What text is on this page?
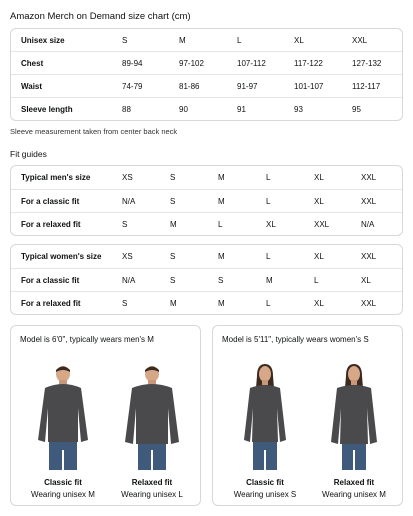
Amazon Merch on Demand size chart (cm)
Unisex size	S	M	L	XL	XXL
Chest	89-94	97-102	107-112	117-122	127-132
Waist	74-79	81-86	91-97	101-107	112-117
Sleeve length	88	90	91	93	95
Sleeve measurement taken from center back neck
Fit guides
Typical men's size	XS	S	M	L	XL	XXL
For a classic fit	N/A	S	M	L	XL	XXL
For a relaxed fit	S	M	L	XL	XXL	N/A
Typical women's size	XS	S	M	L	XL	XXL
For a classic fit	N/A	S	S	M	L	XL
For a relaxed fit	S	M	M	L	XL	XXL
Model is 6'0", typically wears men's M
Classic fit
Wearing unisex M
Relaxed fit
Wearing unisex L
Model is 5'11", typically wears women's S
Classic fit
Wearing unisex S
Relaxed fit
Wearing unisex M
